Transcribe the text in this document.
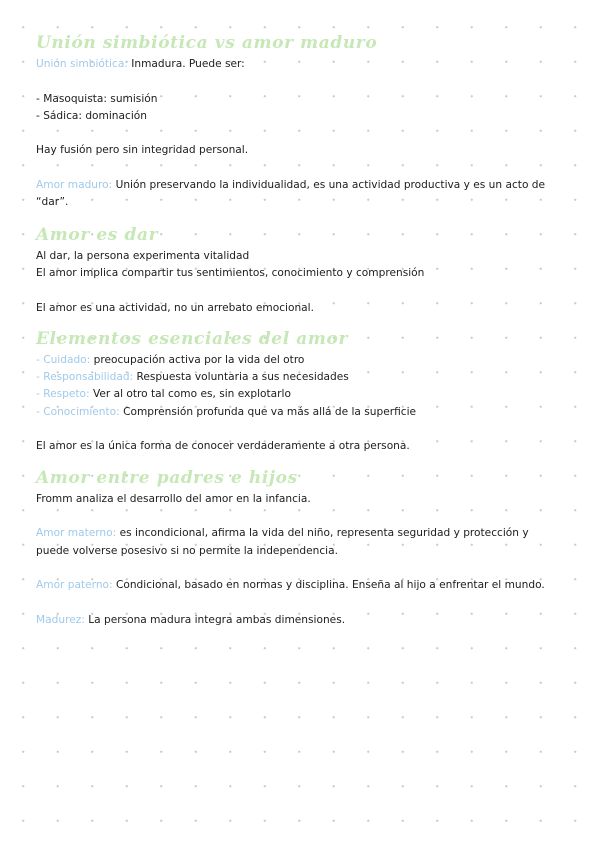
Unión simbiótica vs amor maduro

Unión simbiótica: Inmadura. Puede ser:

- Masoquista: sumisión

- Sádica: dominación

Hay fusión pero sin integridad personal.

Amor maduro: Unión preservando la individualidad, es una actividad productiva y es un acto de “dar”.

Amor es dar

Al dar, la persona experimenta vitalidad

El amor implica compartir tus sentimientos, conocimiento y comprensión

El amor es una actividad, no un arrebato emocional.

Elementos esenciales del amor

- Cuidado: preocupación activa por la vida del otro

- Responsabilidad: Respuesta voluntaria a sus necesidades

- Respeto: Ver al otro tal como es, sin explotarlo

- Conocimiento: Comprensión profunda que va más allá de la superficie

El amor es la única forma de conocer verdaderamente a otra persona.

Amor entre padres e hijos

Fromm analiza el desarrollo del amor en la infancia.

Amor materno: es incondicional, afirma la vida del niño, representa seguridad y protección y puede volverse posesivo si no permite la independencia.

Amor paterno: Condicional, basado en normas y disciplina. Enseña al hijo a enfrentar el mundo.

Madurez: La persona madura integra ambas dimensiones.
